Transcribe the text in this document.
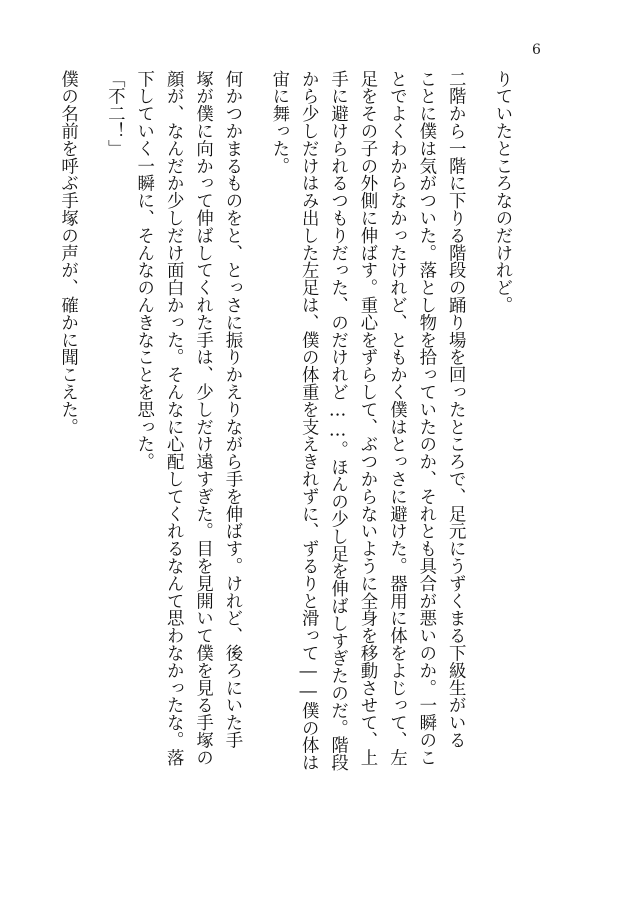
6
りていたところなのだけれど。
二階から一階に下りる階段の踊り場を回ったところで、足元にうずくまる下級生がいる
ことに僕は気がついた。落とし物を拾っていたのか、それとも具合が悪いのか。一瞬のこ
とでよくわからなかったけれど、ともかく僕はとっさに避けた。器用に体をよじって、左
足をその子の外側に伸ばす。重心をずらして、ぶつからないように全身を移動させて、上
手に避けられるつもりだった、のだけれど……。ほんの少し足を伸ばしすぎたのだ。階段
から少しだけはみ出した左足は、僕の体重を支えきれずに、ずるりと滑って――僕の体は
宙に舞った。
何かつかまるものをと、とっさに振りかえりながら手を伸ばす。けれど、後ろにいた手
塚が僕に向かって伸ばしてくれた手は、少しだけ遠すぎた。目を見開いて僕を見る手塚の
顔が、なんだか少しだけ面白かった。そんなに心配してくれるなんて思わなかったな。落
下していく一瞬に、そんなのんきなことを思った。
「不二！」
僕の名前を呼ぶ手塚の声が、確かに聞こえた。
